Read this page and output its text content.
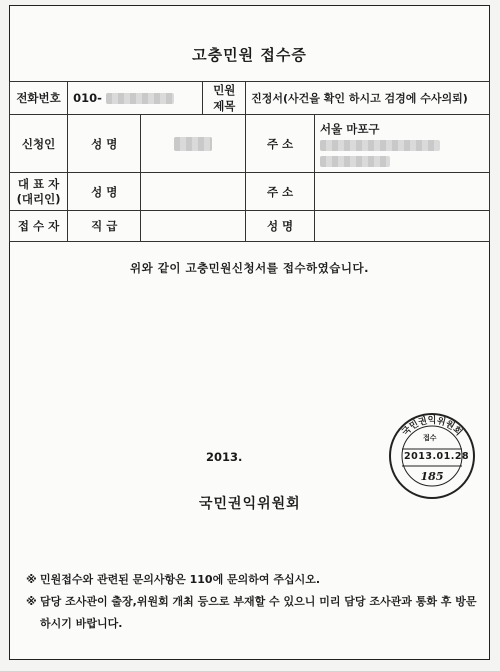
고충민원 접수증
전화번호	010-		민원제목	진정서(사건을 확인 하시고 검경에 수사의뢰)	
신청인	성 명			주 소	서울 마포구

대 표 자
(대리인)	성 명			주 소	
접 수 자	직 급			성 명	
위와 같이 고충민원신청서를 접수하였습니다.
2013.
국민권익위원회
국민권익위원회
접수
2013.01.28
185
※ 민원접수와 관련된 문의사항은 110에 문의하여 주십시오.
※ 담당 조사관이 출장,위원회 개최 등으로 부재할 수 있으니 미리 담당 조사관과 통화 후 방문하시기 바랍니다.
